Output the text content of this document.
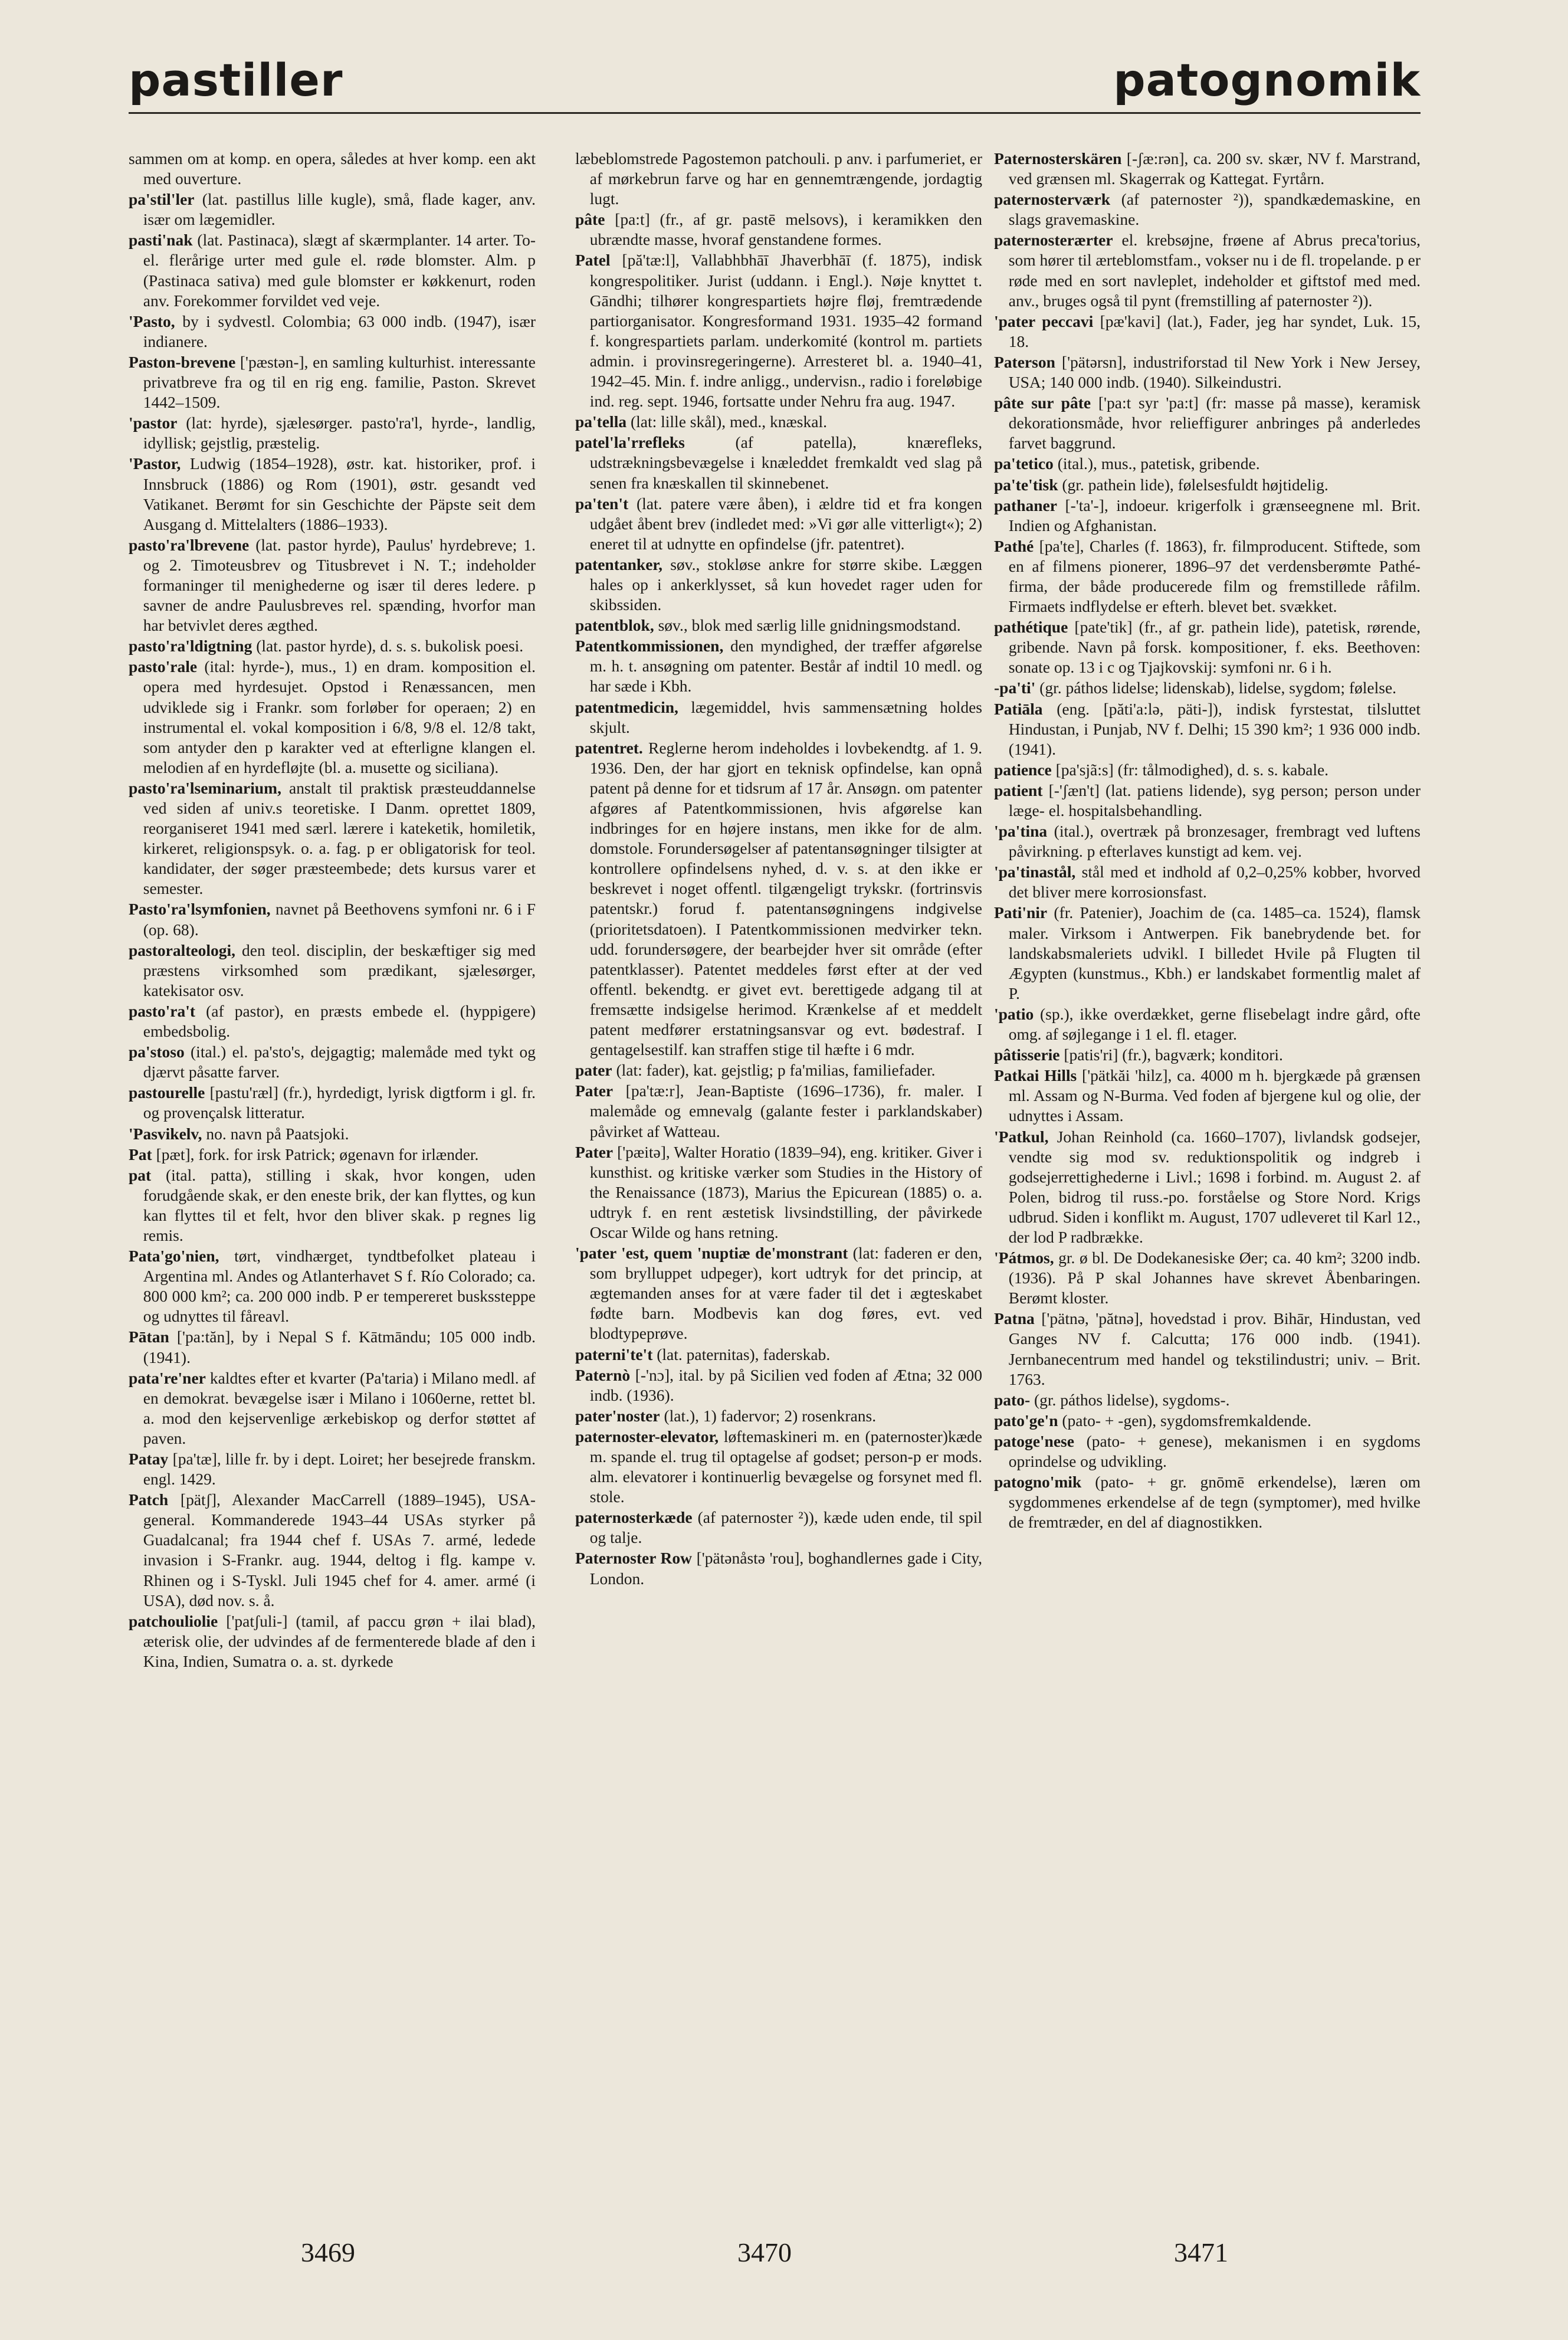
pastiller	patognomik
sammen om at komp. en opera, således at hver komp. een akt med ouverture.
pa'stil'ler (lat. pastillus lille kugle), små, flade kager, anv. især om lægemidler.
pasti'nak (lat. Pastinaca), slægt af skærmplanter. 14 arter. To- el. flerårige urter med gule el. røde blomster. Alm. p (Pastinaca sativa) med gule blomster er køkkenurt, roden anv. Forekommer forvildet ved veje.
'Pasto, by i sydvestl. Colombia; 63 000 indb. (1947), især indianere.
Paston-brevene ['pæstən-], en samling kulturhist. interessante privatbreve fra og til en rig eng. familie, Paston. Skrevet 1442–1509.
'pastor (lat: hyrde), sjælesørger. pasto'ra'l, hyrde-, landlig, idyllisk; gejstlig, præstelig.
'Pastor, Ludwig (1854–1928), østr. kat. historiker, prof. i Innsbruck (1886) og Rom (1901), østr. gesandt ved Vatikanet. Berømt for sin Geschichte der Päpste seit dem Ausgang d. Mittelalters (1886–1933).
pasto'ra'lbrevene (lat. pastor hyrde), Paulus' hyrdebreve; 1. og 2. Timoteusbrev og Titusbrevet i N. T.; indeholder formaninger til menighederne og især til deres ledere. p savner de andre Paulusbreves rel. spænding, hvorfor man har betvivlet deres ægthed.
pasto'ra'ldigtning (lat. pastor hyrde), d. s. s. bukolisk poesi.
pasto'rale (ital: hyrde-), mus., 1) en dram. komposition el. opera med hyrdesujet. Opstod i Renæssancen, men udviklede sig i Frankr. som forløber for operaen; 2) en instrumental el. vokal komposition i 6/8, 9/8 el. 12/8 takt, som antyder den p karakter ved at efterligne klangen el. melodien af en hyrdefløjte (bl. a. musette og siciliana).
pasto'ra'lseminarium, anstalt til praktisk præsteuddannelse ved siden af univ.s teoretiske. I Danm. oprettet 1809, reorganiseret 1941 med særl. lærere i kateketik, homiletik, kirkeret, religionspsyk. o. a. fag. p er obligatorisk for teol. kandidater, der søger præsteembede; dets kursus varer et semester.
Pasto'ra'lsymfonien, navnet på Beethovens symfoni nr. 6 i F (op. 68).
pastoralteologi, den teol. disciplin, der beskæftiger sig med præstens virksomhed som prædikant, sjælesørger, katekisator osv.
pasto'ra't (af pastor), en præsts embede el. (hyppigere) embedsbolig.
pa'stoso (ital.) el. pa'sto's, dejgagtig; malemåde med tykt og djærvt påsatte farver.
pastourelle [pastu'ræl] (fr.), hyrdedigt, lyrisk digtform i gl. fr. og provençalsk litteratur.
'Pasvikelv, no. navn på Paatsjoki.
Pat [pæt], fork. for irsk Patrick; øgenavn for irlænder.
pat (ital. patta), stilling i skak, hvor kongen, uden forudgående skak, er den eneste brik, der kan flyttes, og kun kan flyttes til et felt, hvor den bliver skak. p regnes lig remis.
Pata'go'nien, tørt, vindhærget, tyndtbefolket plateau i Argentina ml. Andes og Atlanterhavet S f. Río Colorado; ca. 800 000 km²; ca. 200 000 indb. P er tempereret buskssteppe og udnyttes til fåreavl.
Pātan ['pa:tăn], by i Nepal S f. Kātmāndu; 105 000 indb. (1941).
pata're'ner kaldtes efter et kvarter (Pa'taria) i Milano medl. af en demokrat. bevægelse især i Milano i 1060erne, rettet bl. a. mod den kejservenlige ærkebiskop og derfor støttet af paven.
Patay [pa'tæ], lille fr. by i dept. Loiret; her besejrede franskm. engl. 1429.
Patch [pätʃ], Alexander MacCarrell (1889–1945), USA-general. Kommanderede 1943–44 USAs styrker på Guadalcanal; fra 1944 chef f. USAs 7. armé, ledede invasion i S-Frankr. aug. 1944, deltog i flg. kampe v. Rhinen og i S-Tyskl. Juli 1945 chef for 4. amer. armé (i USA), død nov. s. å.
patchouliolie ['patʃuli-] (tamil, af paccu grøn + ilai blad), æterisk olie, der udvindes af de fermenterede blade af den i Kina, Indien, Sumatra o. a. st. dyrkede
læbeblomstrede Pagostemon patchouli. p anv. i parfumeriet, er af mørkebrun farve og har en gennemtrængende, jordagtig lugt.
pâte [pa:t] (fr., af gr. pastē melsovs), i keramikken den ubrændte masse, hvoraf genstandene formes.
Patel [pă'tæ:l], Vallabhbhāī Jhaverbhāī (f. 1875), indisk kongrespolitiker. Jurist (uddann. i Engl.). Nøje knyttet t. Gāndhi; tilhører kongrespartiets højre fløj, fremtrædende partiorganisator. Kongresformand 1931. 1935–42 formand f. kongrespartiets parlam. underkomité (kontrol m. partiets admin. i provinsregeringerne). Arresteret bl. a. 1940–41, 1942–45. Min. f. indre anligg., undervisn., radio i foreløbige ind. reg. sept. 1946, fortsatte under Nehru fra aug. 1947.
pa'tella (lat: lille skål), med., knæskal.
patel'la'rrefleks	(af patella), knærefleks, udstrækningsbevægelse i knæleddet fremkaldt ved slag på senen fra knæskallen til skinnebenet.
pa'ten't (lat. patere være åben), i ældre tid et fra kongen udgået åbent brev (indledet med: »Vi gør alle vitterligt«); 2) eneret til at udnytte en opfindelse (jfr. patentret).
patentanker, søv., stokløse ankre for større skibe. Læggen hales op i ankerklysset, så kun hovedet rager uden for skibssiden.
patentblok, søv., blok med særlig lille gnidningsmodstand.
Patentkommissionen, den myndighed, der træffer afgørelse m. h. t. ansøgning om patenter. Består af indtil 10 medl. og har sæde i Kbh.
patentmedicin, lægemiddel, hvis sammensætning holdes skjult.
patentret. Reglerne herom indeholdes i lovbekendtg. af 1. 9. 1936. Den, der har gjort en teknisk opfindelse, kan opnå patent på denne for et tidsrum af 17 år. Ansøgn. om patenter afgøres af Patentkommissionen, hvis afgørelse kan indbringes for en højere instans, men ikke for de alm. domstole. Forundersøgelser af patentansøgninger tilsigter at kontrollere opfindelsens nyhed, d. v. s. at den ikke er beskrevet i noget offentl. tilgængeligt trykskr. (fortrinsvis patentskr.) forud f. patentansøgningens indgivelse (prioritetsdatoen). I Patentkommissionen medvirker tekn. udd. forundersøgere, der bearbejder hver sit område (efter patentklasser). Patentet meddeles først efter at der ved offentl. bekendtg. er givet evt. berettigede adgang til at fremsætte indsigelse herimod. Krænkelse af et meddelt patent medfører erstatningsansvar og evt. bødestraf. I gentagelsestilf. kan straffen stige til hæfte i 6 mdr.
pater (lat: fader), kat. gejstlig; p fa'milias, familiefader.
Pater [pa'tæ:r], Jean-Baptiste (1696–1736), fr. maler. I malemåde og emnevalg (galante fester i parklandskaber) påvirket af Watteau.
Pater ['pæitə], Walter Horatio (1839–94), eng. kritiker. Giver i kunsthist. og kritiske værker som Studies in the History of the Renaissance (1873), Marius the Epicurean (1885) o. a. udtryk f. en rent æstetisk livsindstilling, der påvirkede Oscar Wilde og hans retning.
'pater 'est, quem 'nuptiæ de'monstrant (lat: faderen er den, som brylluppet udpeger), kort udtryk for det princip, at ægtemanden anses for at være fader til det i ægteskabet fødte barn. Modbevis kan dog føres, evt. ved blodtypeprøve.
paterni'te't (lat. paternitas), faderskab.
Paternò [-'nɔ], ital. by på Sicilien ved foden af Ætna; 32 000 indb. (1936).
pater'noster (lat.), 1) fadervor; 2) rosenkrans.
paternoster-elevator, løftemaskineri m. en (paternoster)kæde m. spande el. trug til optagelse af godset; person-p er mods. alm. elevatorer i kontinuerlig bevægelse og forsynet med fl. stole.
paternosterkæde (af paternoster ²)), kæde uden ende, til spil og talje.
Paternoster Row ['pätənåstə 'rou], boghandlernes gade i City, London.
Paternosterskären [-ʃæ:rən], ca. 200 sv. skær, NV f. Marstrand, ved grænsen ml. Skagerrak og Kattegat. Fyrtårn.
paternosterværk (af paternoster ²)), spandkædemaskine, en slags gravemaskine.
paternosterærter el. krebsøjne, frøene af Abrus preca'torius, som hører til ærteblomstfam., vokser nu i de fl. tropelande. p er røde med en sort navleplet, indeholder et giftstof med med. anv., bruges også til pynt (fremstilling af paternoster ²)).
'pater peccavi [pæ'kavi] (lat.), Fader, jeg har syndet, Luk. 15, 18.
Paterson ['pätərsn], industriforstad til New York i New Jersey, USA; 140 000 indb. (1940). Silkeindustri.
pâte sur pâte ['pa:t syr 'pa:t] (fr: masse på masse), keramisk dekorationsmåde, hvor relieffigurer anbringes på anderledes farvet baggrund.
pa'tetico (ital.), mus., patetisk, gribende.
pa'te'tisk (gr. pathein lide), følelsesfuldt højtidelig.
pathaner [-'ta'-], indoeur. krigerfolk i grænseegnene ml. Brit. Indien og Afghanistan.
Pathé [pa'te], Charles (f. 1863), fr. filmproducent. Stiftede, som en af filmens pionerer, 1896–97 det verdensberømte Pathé-firma, der både producerede film og fremstillede råfilm. Firmaets indflydelse er efterh. blevet bet. svækket.
pathétique [pate'tik] (fr., af gr. pathein lide), patetisk, rørende, gribende. Navn på forsk. kompositioner, f. eks. Beethoven: sonate op. 13 i c og Tjajkovskij: symfoni nr. 6 i h.
-pa'ti' (gr. páthos lidelse; lidenskab), lidelse, sygdom; følelse.
Patiāla (eng. [păti'a:lə, päti-]), indisk fyrstestat, tilsluttet Hindustan, i Punjab, NV f. Delhi; 15 390 km²; 1 936 000 indb. (1941).
patience [pa'sjã:s] (fr: tålmodighed), d. s. s. kabale.
patient [-'ʃæn't] (lat. patiens lidende), syg person; person under læge- el. hospitalsbehandling.
'pa'tina (ital.), overtræk på bronzesager, frembragt ved luftens påvirkning. p efterlaves kunstigt ad kem. vej.
'pa'tinastål, stål med et indhold af 0,2–0,25% kobber, hvorved det bliver mere korrosionsfast.
Pati'nir (fr. Patenier), Joachim de (ca. 1485–ca. 1524), flamsk maler. Virksom i Antwerpen. Fik banebrydende bet. for landskabsmaleriets udvikl. I billedet Hvile på Flugten til Ægypten (kunstmus., Kbh.) er landskabet formentlig malet af P.
'patio (sp.), ikke overdækket, gerne flisebelagt indre gård, ofte omg. af søjlegange i 1 el. fl. etager.
pâtisserie [patis'ri] (fr.), bagværk; konditori.
Patkai Hills ['pätkăi 'hilz], ca. 4000 m h. bjergkæde på grænsen ml. Assam og N-Burma. Ved foden af bjergene kul og olie, der udnyttes i Assam.
'Patkul, Johan Reinhold (ca. 1660–1707), livlandsk godsejer, vendte sig mod sv. reduktionspolitik og indgreb i godsejerrettighederne i Livl.; 1698 i forbind. m. August 2. af Polen, bidrog til russ.-po. forståelse og Store Nord. Krigs udbrud. Siden i konflikt m. August, 1707 udleveret til Karl 12., der lod P radbrække.
'Pátmos, gr. ø bl. De Dodekanesiske Øer; ca. 40 km²; 3200 indb. (1936). På P skal Johannes have skrevet Åbenbaringen. Berømt kloster.
Patna ['pätnə, 'pătnə], hovedstad i prov. Bihār, Hindustan, ved Ganges NV f. Calcutta; 176 000 indb. (1941). Jernbanecentrum med handel og tekstilindustri; univ. – Brit. 1763.
pato- (gr. páthos lidelse), sygdoms-.
pato'ge'n (pato- + -gen), sygdomsfremkaldende.
patoge'nese (pato- + genese), mekanismen i en sygdoms oprindelse og udvikling.
patogno'mik (pato- + gr. gnōmē erkendelse), læren om sygdommenes erkendelse af de tegn (symptomer), med hvilke de fremtræder, en del af diagnostikken.
3469	3470	3471
